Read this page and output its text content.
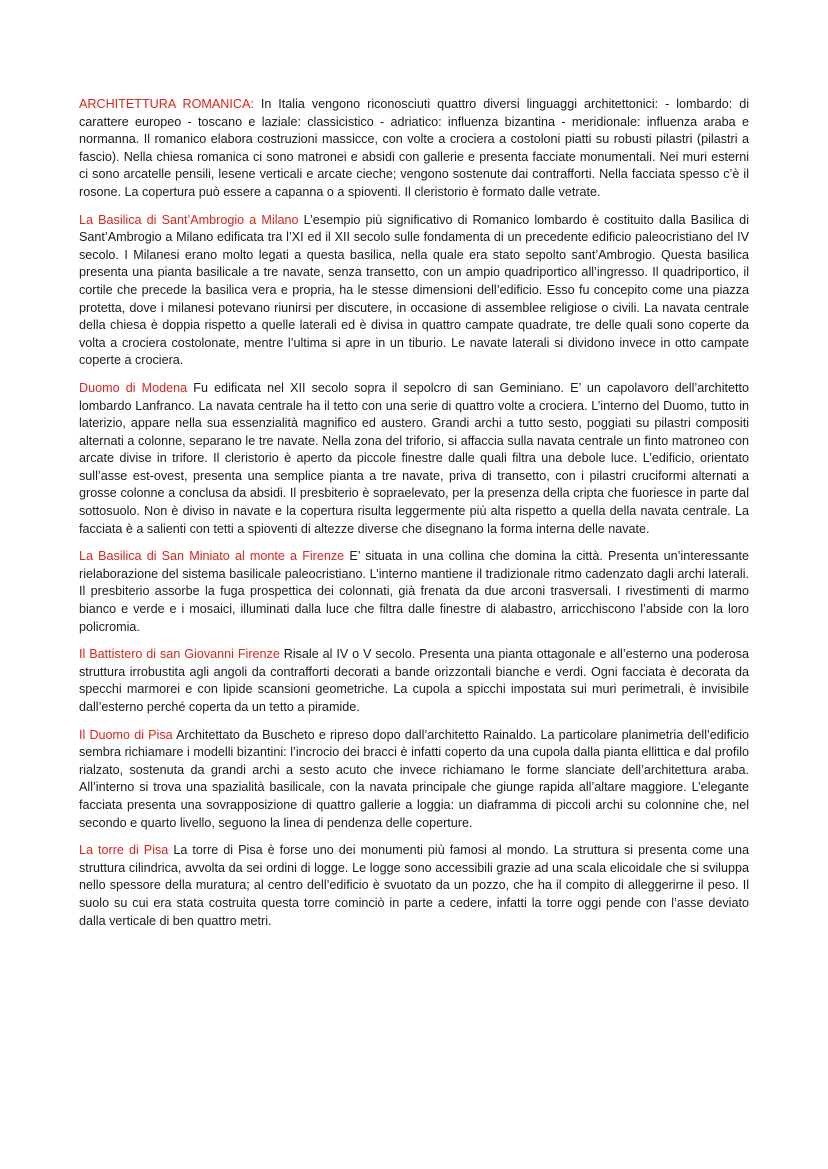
ARCHITETTURA ROMANICA: In Italia vengono riconosciuti quattro diversi linguaggi architettonici: - lombardo: di carattere europeo - toscano e laziale: classicistico - adriatico: influenza bizantina - meridionale: influenza araba e normanna. Il romanico elabora costruzioni massicce, con volte a crociera a costoloni piatti su robusti pilastri (pilastri a fascio). Nella chiesa romanica ci sono matronei e absidi con gallerie e presenta facciate monumentali. Nei muri esterni ci sono arcatelle pensili, lesene verticali e arcate cieche; vengono sostenute dai contrafforti. Nella facciata spesso c’è il rosone. La copertura può essere a capanna o a spioventi. Il cleristorio è formato dalle vetrate.

La Basilica di Sant’Ambrogio a Milano L’esempio più significativo di Romanico lombardo è costituito dalla Basilica di Sant’Ambrogio a Milano edificata tra l’XI ed il XII secolo sulle fondamenta di un precedente edificio paleocristiano del IV secolo. I Milanesi erano molto legati a questa basilica, nella quale era stato sepolto sant’Ambrogio. Questa basilica presenta una pianta basilicale a tre navate, senza transetto, con un ampio quadriportico all’ingresso. Il quadriportico, il cortile che precede la basilica vera e propria, ha le stesse dimensioni dell’edificio. Esso fu concepito come una piazza protetta, dove i milanesi potevano riunirsi per discutere, in occasione di assemblee religiose o civili. La navata centrale della chiesa è doppia rispetto a quelle laterali ed è divisa in quattro campate quadrate, tre delle quali sono coperte da volta a crociera costolonate, mentre l’ultima si apre in un tiburio. Le navate laterali si dividono invece in otto campate coperte a crociera.

Duomo di Modena Fu edificata nel XII secolo sopra il sepolcro di san Geminiano. E’ un capolavoro dell’architetto lombardo Lanfranco. La navata centrale ha il tetto con una serie di quattro volte a crociera. L’interno del Duomo, tutto in laterizio, appare nella sua essenzialità magnifico ed austero. Grandi archi a tutto sesto, poggiati su pilastri compositi alternati a colonne, separano le tre navate. Nella zona del triforio, si affaccia sulla navata centrale un finto matroneo con arcate divise in trifore. Il cleristorio è aperto da piccole finestre dalle quali filtra una debole luce. L’edificio, orientato sull’asse est-ovest, presenta una semplice pianta a tre navate, priva di transetto, con i pilastri cruciformi alternati a grosse colonne a conclusa da absidi. Il presbiterio è sopraelevato, per la presenza della cripta che fuoriesce in parte dal sottosuolo. Non è diviso in navate e la copertura risulta leggermente più alta rispetto a quella della navata centrale. La facciata è a salienti con tetti a spioventi di altezze diverse che disegnano la forma interna delle navate.

La Basilica di San Miniato al monte a Firenze E’ situata in una collina che domina la città. Presenta un’interessante rielaborazione del sistema basilicale paleocristiano. L’interno mantiene il tradizionale ritmo cadenzato dagli archi laterali. Il presbiterio assorbe la fuga prospettica dei colonnati, già frenata da due arconi trasversali. I rivestimenti di marmo bianco e verde e i mosaici, illuminati dalla luce che filtra dalle finestre di alabastro, arricchiscono l’abside con la loro policromia.

Il Battistero di san Giovanni Firenze Risale al IV o V secolo. Presenta una pianta ottagonale e all’esterno una poderosa struttura irrobustita agli angoli da contrafforti decorati a bande orizzontali bianche e verdi. Ogni facciata è decorata da specchi marmorei e con lipide scansioni geometriche. La cupola a spicchi impostata sui muri perimetrali, è invisibile dall’esterno perché coperta da un tetto a piramide.

Il Duomo di Pisa Architettato da Buscheto e ripreso dopo dall’architetto Rainaldo. La particolare planimetria dell’edificio sembra richiamare i modelli bizantini: l’incrocio dei bracci è infatti coperto da una cupola dalla pianta ellittica e dal profilo rialzato, sostenuta da grandi archi a sesto acuto che invece richiamano le forme slanciate dell’architettura araba. All’interno si trova una spazialità basilicale, con la navata principale che giunge rapida all’altare maggiore. L’elegante facciata presenta una sovrapposizione di quattro gallerie a loggia: un diaframma di piccoli archi su colonnine che, nel secondo e quarto livello, seguono la linea di pendenza delle coperture.

La torre di Pisa La torre di Pisa è forse uno dei monumenti più famosi al mondo. La struttura si presenta come una struttura cilindrica, avvolta da sei ordini di logge. Le logge sono accessibili grazie ad una scala elicoidale che si sviluppa nello spessore della muratura; al centro dell’edificio è svuotato da un pozzo, che ha il compito di alleggerirne il peso. Il suolo su cui era stata costruita questa torre cominciò in parte a cedere, infatti la torre oggi pende con l’asse deviato dalla verticale di ben quattro metri.
